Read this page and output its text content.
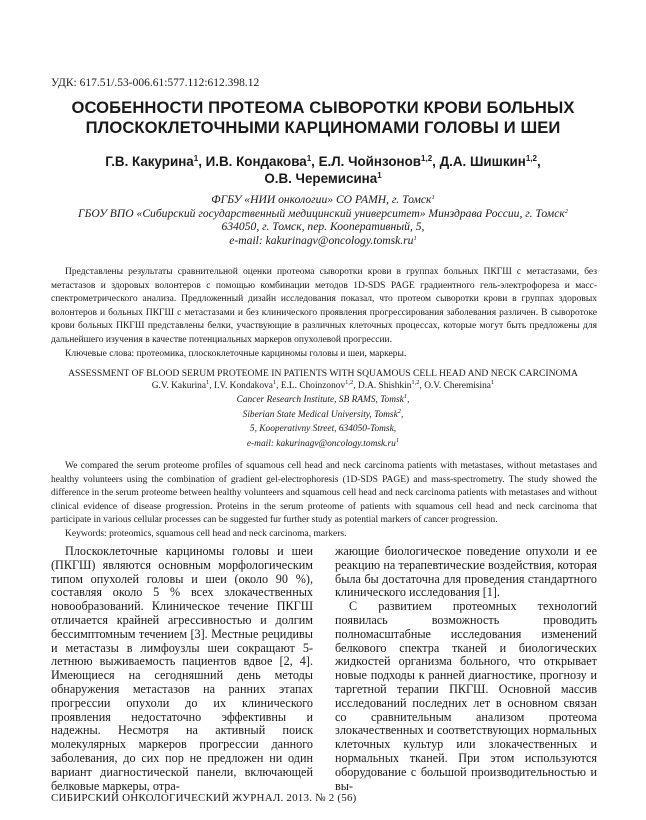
УДК: 617.51/.53-006.61:577.112:612.398.12
ОСОБЕННОСТИ ПРОТЕОМА СЫВОРОТКИ КРОВИ БОЛЬНЫХ
ПЛОСКОКЛЕТОЧНЫМИ КАРЦИНОМАМИ ГОЛОВЫ И ШЕИ
Г.В. Какурина$^1$, И.В. Кондакова$^1$, Е.Л. Чойнзонов$^{1,2}$, Д.А. Шишкин$^{1,2}$,
О.В. Черемисина$^1$
ФГБУ «НИИ онкологии» СО РАМН, г. Томск$^1$
ГБОУ ВПО «Сибирский государственный медицинский университет» Минздрава России, г. Томск$^2$
634050, г. Томск, пер. Кооперативный, 5,
e-mail: $kakurinagv@oncology.tomsk.ru^1$

Представлены результаты сравнительной оценки протеома сыворотки крови в группах больных ПКГШ с метастазами, без метастазов и здоровых волонтеров с помощью комбинации методов 1D-SDS PAGE градиентного гель-электрофореза и масс-спектрометрического анализа. Предложенный дизайн исследования показал, что протеом сыворотки крови в группах здоровых волонтеров и больных ПКГШ с метастазами и без клинического проявления прогрессирования заболевания различен. В сыворотоке крови больных ПКГШ представлены белки, участвующие в различных клеточных процессах, которые могут быть предложены для дальнейшего изучения в качестве потенциальных маркеров опухолевой прогрессии.

Ключевые слова: протеомика, плоскоклеточные карциномы головы и шеи, маркеры.

ASSESSMENT OF BLOOD SERUM PROTEOME IN PATIENTS WITH SQUAMOUS CELL HEAD AND NECK CARCINOMA
G.V. Kakurina$^1$, I.V. Kondakova$^1$, E.L. Choinzonov$^{1,2}$, D.A. Shishkin$^{1,2}$, O.V. Cheremisina$^1$
Cancer Research Institute, SB RAMS, Tomsk$^1$,
Siberian State Medical University, Tomsk$^2$,
5, Kooperativny Street, 634050-Tomsk,
e-mail: $kakurinagv@oncology.tomsk.ru^1$

We compared the serum proteome profiles of squamous cell head and neck carcinoma patients with metastases, without metastases and healthy volunteers using the combination of gradient gel-electrophoresis (1D-SDS PAGE) and mass-spectrometry. The study showed the difference in the serum proteome between healthy volunteers and squamous cell head and neck carcinoma patients with metastases and without clinical evidence of disease progression. Proteins in the serum proteome of patients with squamous cell head and neck carcinoma that participate in various cellular processes can be suggested fur further study as potential markers of cancer progression.

Keywords: proteomics, squamous cell head and neck carcinoma, markers.

Плоскоклеточные карциномы головы и шеи (ПКГШ) являются основным морфологическим типом опухолей головы и шеи (около 90 %), составляя около 5 % всех злокачественных новообразований. Клиническое течение ПКГШ отличается крайней агрессивностью и долгим бессимптомным течением [3]. Местные рецидивы и метастазы в лимфоузлы шеи сокращают 5-летнюю выживаемость пациентов вдвое [2, 4]. Имеющиеся на сегодняшний день методы обнаружения метастазов на ранних этапах прогрессии опухоли до их клинического проявления недостаточно эффективны и надежны. Несмотря на активный поиск молекулярных маркеров прогрессии данного заболевания, до сих пор не предложен ни один вариант диагностической панели, включающей белковые маркеры, отра-

жающие биологическое поведение опухоли и ее реакцию на терапевтические воздействия, которая была бы достаточна для проведения стандартного клинического исследования [1].

С развитием протеомных технологий появилась возможность проводить полномасштабные исследования изменений белкового спектра тканей и биологических жидкостей организма больного, что открывает новые подходы к ранней диагностике, прогнозу и таргетной терапии ПКГШ. Основной массив исследований последних лет в основном связан со сравнительным анализом протеома злокачественных и соответствующих нормальных клеточных культур или злокачественных и нормальных тканей. При этом используются оборудование с большой производительностью и вы-

СИБИРСКИЙ ОНКОЛОГИЧЕСКИЙ ЖУРНАЛ. 2013. № 2 (56)
